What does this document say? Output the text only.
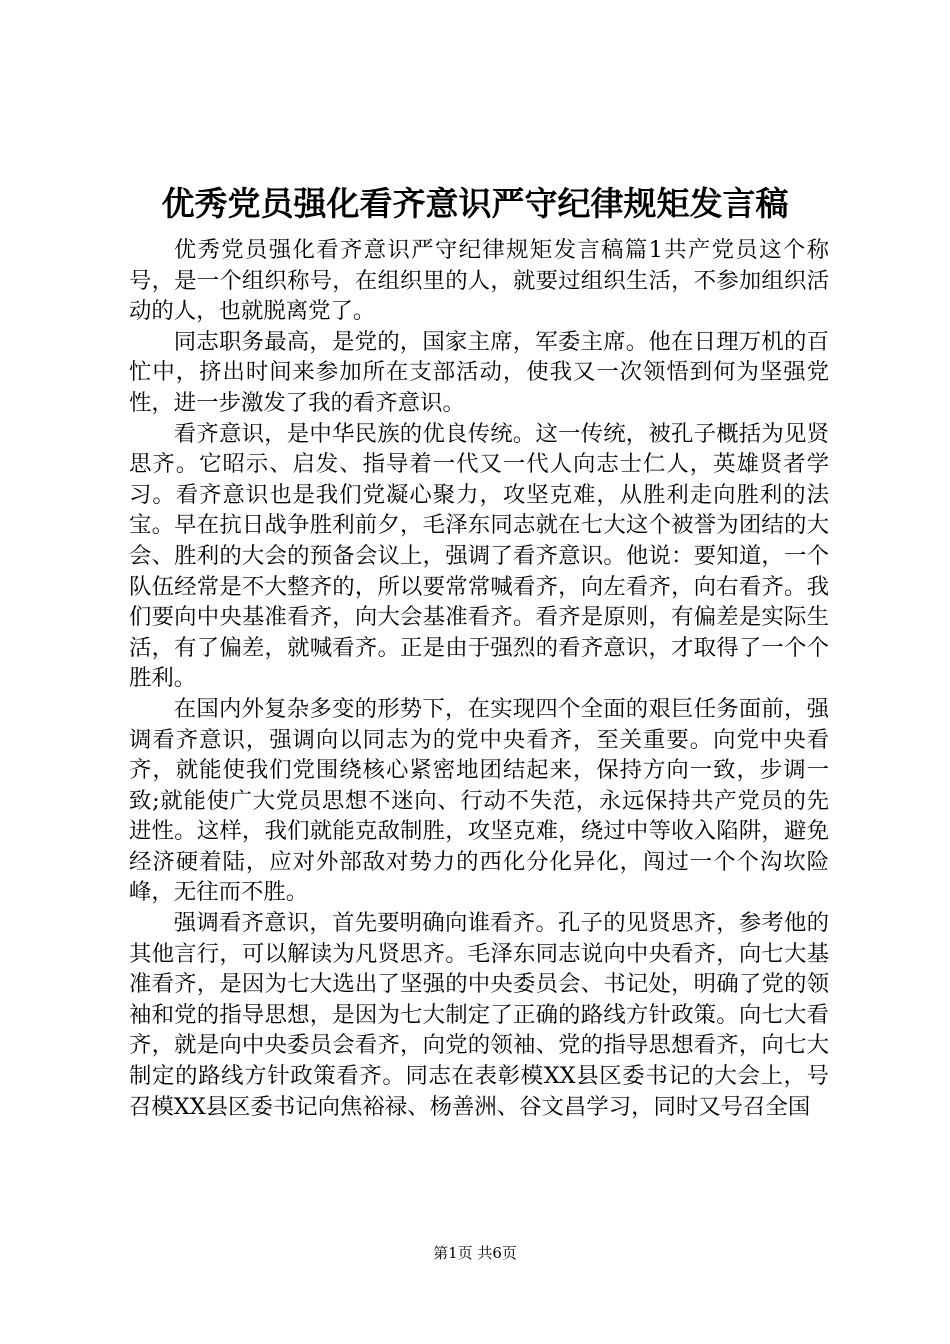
优秀党员强化看齐意识严守纪律规矩发言稿

优秀党员强化看齐意识严守纪律规矩发言稿篇1共产党员这个称号，是一个组织称号，在组织里的人，就要过组织生活，不参加组织活动的人，也就脱离党了。

同志职务最高，是党的，国家主席，军委主席。他在日理万机的百忙中，挤出时间来参加所在支部活动，使我又一次领悟到何为坚强党性，进一步激发了我的看齐意识。

看齐意识，是中华民族的优良传统。这一传统，被孔子概括为见贤思齐。它昭示、启发、指导着一代又一代人向志士仁人，英雄贤者学习。看齐意识也是我们党凝心聚力，攻坚克难，从胜利走向胜利的法宝。早在抗日战争胜利前夕，毛泽东同志就在七大这个被誉为团结的大会、胜利的大会的预备会议上，强调了看齐意识。他说：要知道，一个队伍经常是不大整齐的，所以要常常喊看齐，向左看齐，向右看齐。我们要向中央基准看齐，向大会基准看齐。看齐是原则，有偏差是实际生活，有了偏差，就喊看齐。正是由于强烈的看齐意识，才取得了一个个胜利。

在国内外复杂多变的形势下，在实现四个全面的艰巨任务面前，强调看齐意识，强调向以同志为的党中央看齐，至关重要。向党中央看齐，就能使我们党围绕核心紧密地团结起来，保持方向一致，步调一致;就能使广大党员思想不迷向、行动不失范，永远保持共产党员的先进性。这样，我们就能克敌制胜，攻坚克难，绕过中等收入陷阱，避免经济硬着陆，应对外部敌对势力的西化分化异化，闯过一个个沟坎险峰，无往而不胜。

强调看齐意识，首先要明确向谁看齐。孔子的见贤思齐，参考他的其他言行，可以解读为凡贤思齐。毛泽东同志说向中央看齐，向七大基准看齐，是因为七大选出了坚强的中央委员会、书记处，明确了党的领袖和党的指导思想，是因为七大制定了正确的路线方针政策。向七大看齐，就是向中央委员会看齐，向党的领袖、党的指导思想看齐，向七大制定的路线方针政策看齐。同志在表彰模XX县区委书记的大会上，号召模XX县区委书记向焦裕禄、杨善洲、谷文昌学习，同时又号召全国

第1页 共6页
